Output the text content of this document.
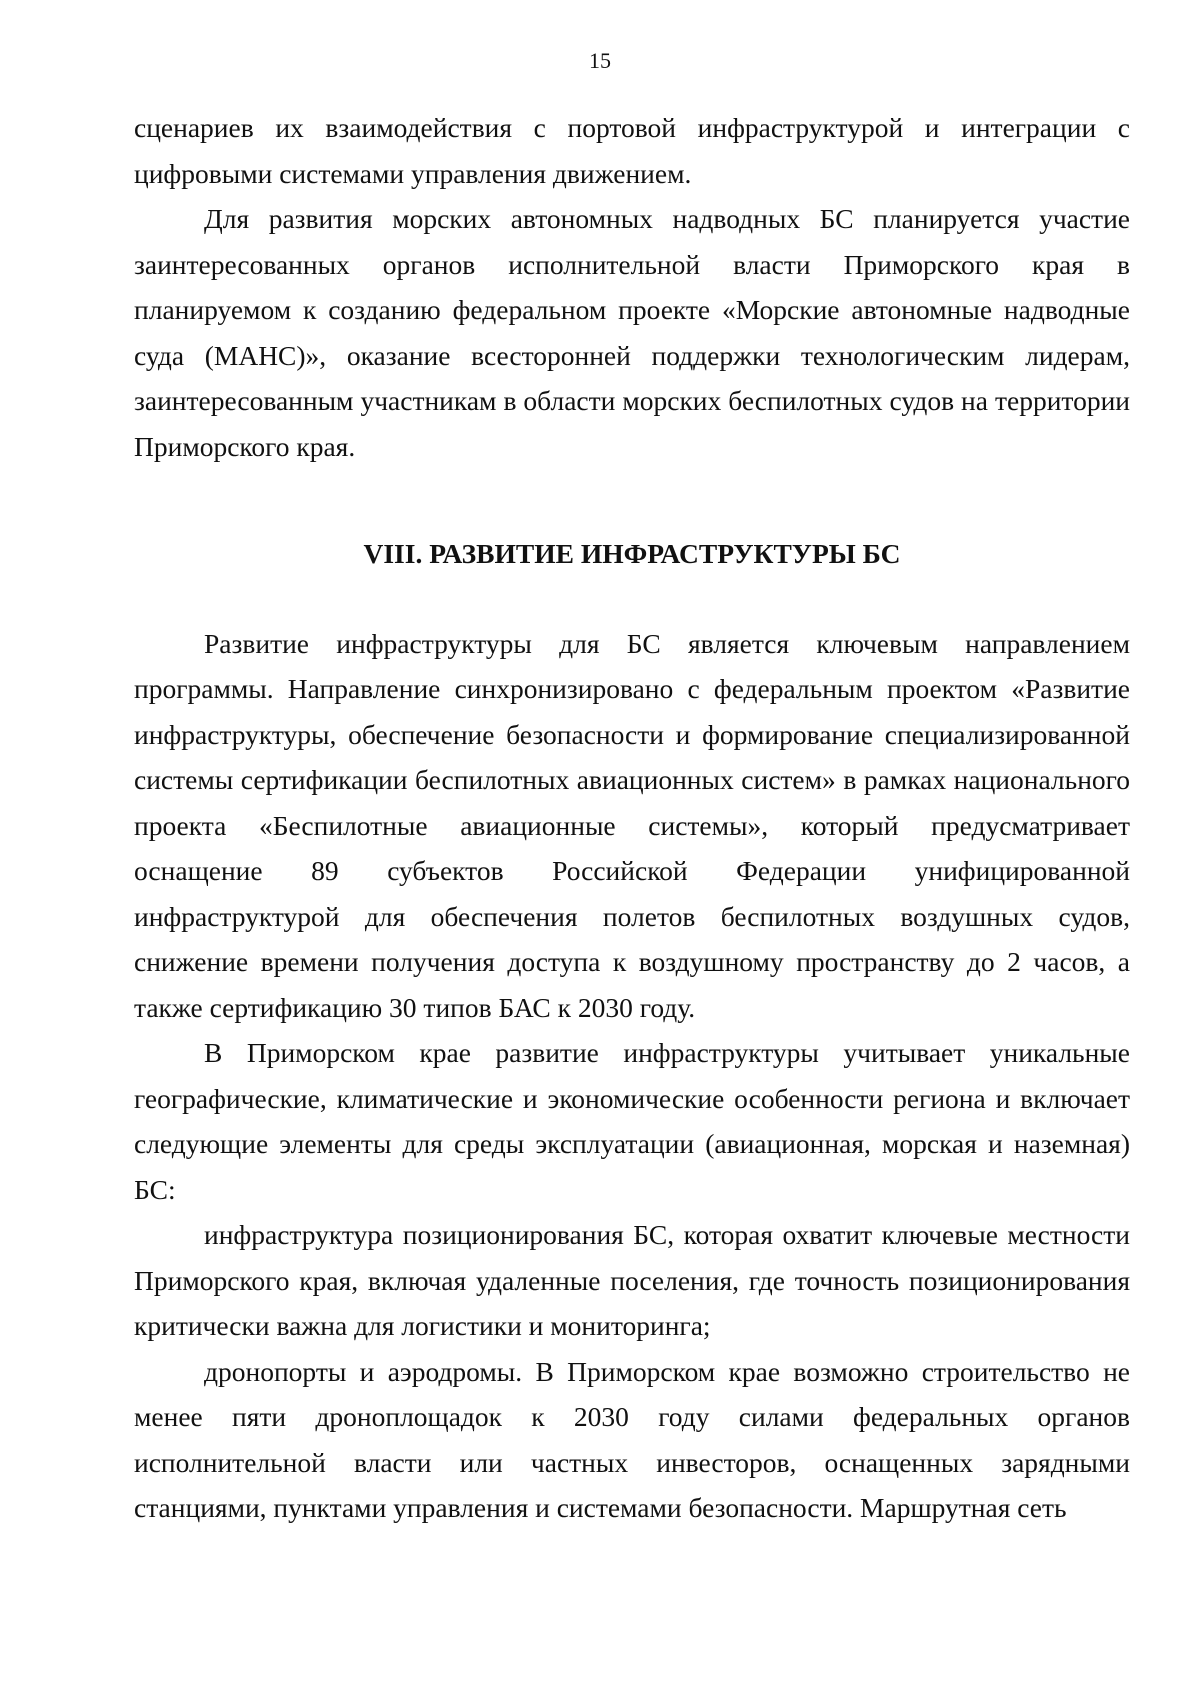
15

сценариев их взаимодействия с портовой инфраструктурой и интеграции с цифровыми системами управления движением.

Для развития морских автономных надводных БС планируется участие заинтересованных органов исполнительной власти Приморского края в планируемом к созданию федеральном проекте «Морские автономные надводные суда (МАНС)», оказание всесторонней поддержки технологическим лидерам, заинтересованным участникам в области морских беспилотных судов на территории Приморского края.

VIII. РАЗВИТИЕ ИНФРАСТРУКТУРЫ БС

Развитие инфраструктуры для БС является ключевым направлением программы. Направление синхронизировано с федеральным проектом «Развитие инфраструктуры, обеспечение безопасности и формирование специализированной системы сертификации беспилотных авиационных систем» в рамках национального проекта «Беспилотные авиационные системы», который предусматривает оснащение 89 субъектов Российской Федерации унифицированной инфраструктурой для обеспечения полетов беспилотных воздушных судов, снижение времени получения доступа к воздушному пространству до 2 часов, а также сертификацию 30 типов БАС к 2030 году.

В Приморском крае развитие инфраструктуры учитывает уникальные географические, климатические и экономические особенности региона и включает следующие элементы для среды эксплуатации (авиационная, морская и наземная) БС:

инфраструктура позиционирования БС, которая охватит ключевые местности Приморского края, включая удаленные поселения, где точность позиционирования критически важна для логистики и мониторинга;

дронопорты и аэродромы. В Приморском крае возможно строительство не менее пяти дроноплощадок к 2030 году силами федеральных органов исполнительной власти или частных инвесторов, оснащенных зарядными станциями, пунктами управления и системами безопасности. Маршрутная сеть
